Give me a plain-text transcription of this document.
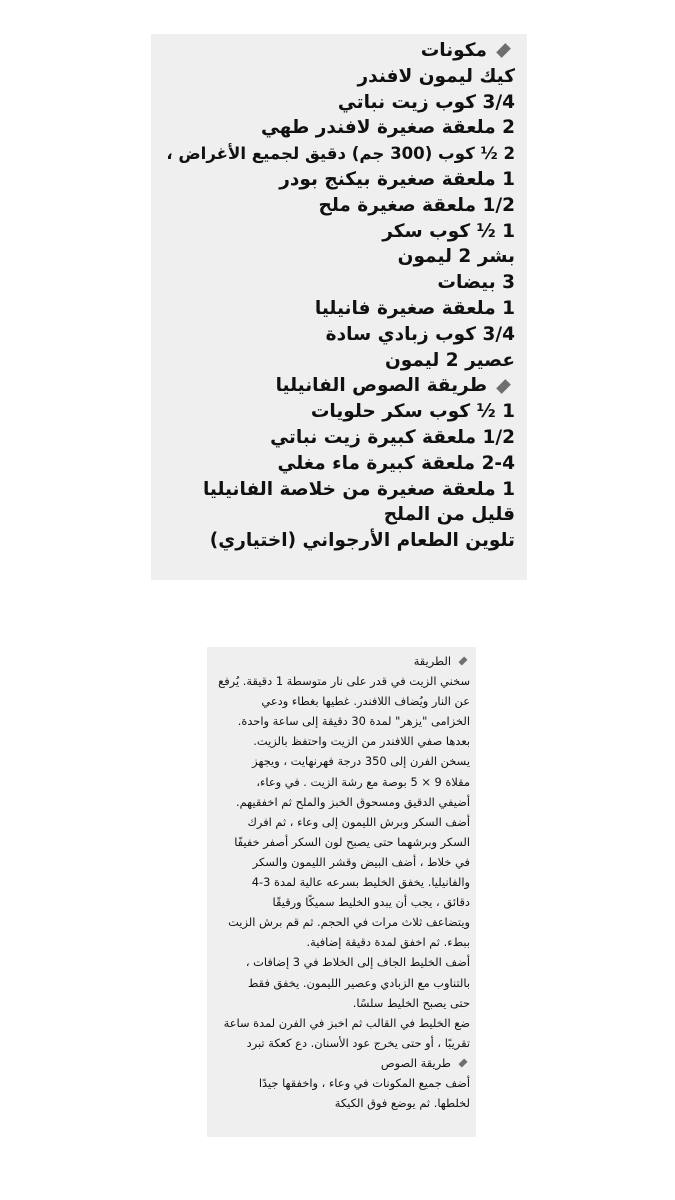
مكونات
كيك ليمون لافندر
3/4 كوب زيت نباتي
2 ملعقة صغيرة لافندر طهي
2 ½ كوب (300 جم) دقيق لجميع الأغراض ،
1 ملعقة صغيرة بيكنج بودر
1/2 ملعقة صغيرة ملح
1 ½ كوب سكر
بشر 2 ليمون
3 بيضات
1 ملعقة صغيرة فانيليا
3/4 كوب زبادي سادة
عصير 2 ليمون
طريقة الصوص الفانيليا
1 ½ كوب سكر حلويات
1/2 ملعقة كبيرة زيت نباتي
2-4 ملعقة كبيرة ماء مغلي
1 ملعقة صغيرة من خلاصة الفانيليا
قليل من الملح
تلوين الطعام الأرجواني (اختياري)
الطريقة
سخني الزيت في قدر على نار متوسطة 1 دقيقة. يُرفع
عن النار ويُضاف اللافندر. غطيها بغطاء ودعي
الخزامى "يزهر" لمدة 30 دقيقة إلى ساعة واحدة.
بعدها صفي اللافندر من الزيت واحتفظ بالزيت.
يسخن الفرن إلى 350 درجة فهرنهايت ، ويجهز
مقلاة 9 × 5 بوصة مع رشة الزيت . في وعاء،
أضيفي الدقيق ومسحوق الخبز والملح ثم اخفقيهم.
أضف السكر وبرش الليمون إلى وعاء ، ثم افرك
السكر وبرشهما حتى يصبح لون السكر أصفر خفيفًا
في خلاط ، أضف البيض وقشر الليمون والسكر
والفانيليا. يخفق الخليط بسرعه عالية لمدة 3-4
دقائق ، يجب أن يبدو الخليط سميكًا ورقيقًا
ويتضاعف ثلاث مرات في الحجم. ثم قم برش الزيت
ببطء. ثم اخفق لمدة دقيقة إضافية.
أضف الخليط الجاف إلى الخلاط في 3 إضافات ،
بالتناوب مع الزبادي وعصير الليمون. يخفق فقط
حتى يصبح الخليط سلسًا.
ضع الخليط في القالب ثم اخبز في الفرن لمدة ساعة
تقريبًا ، أو حتى يخرج عود الأسنان. دع كعكة تبرد
طريقة الصوص
أضف جميع المكونات في وعاء ، واخفقها جيدًا
لخلطها. ثم يوضع فوق الكيكة
